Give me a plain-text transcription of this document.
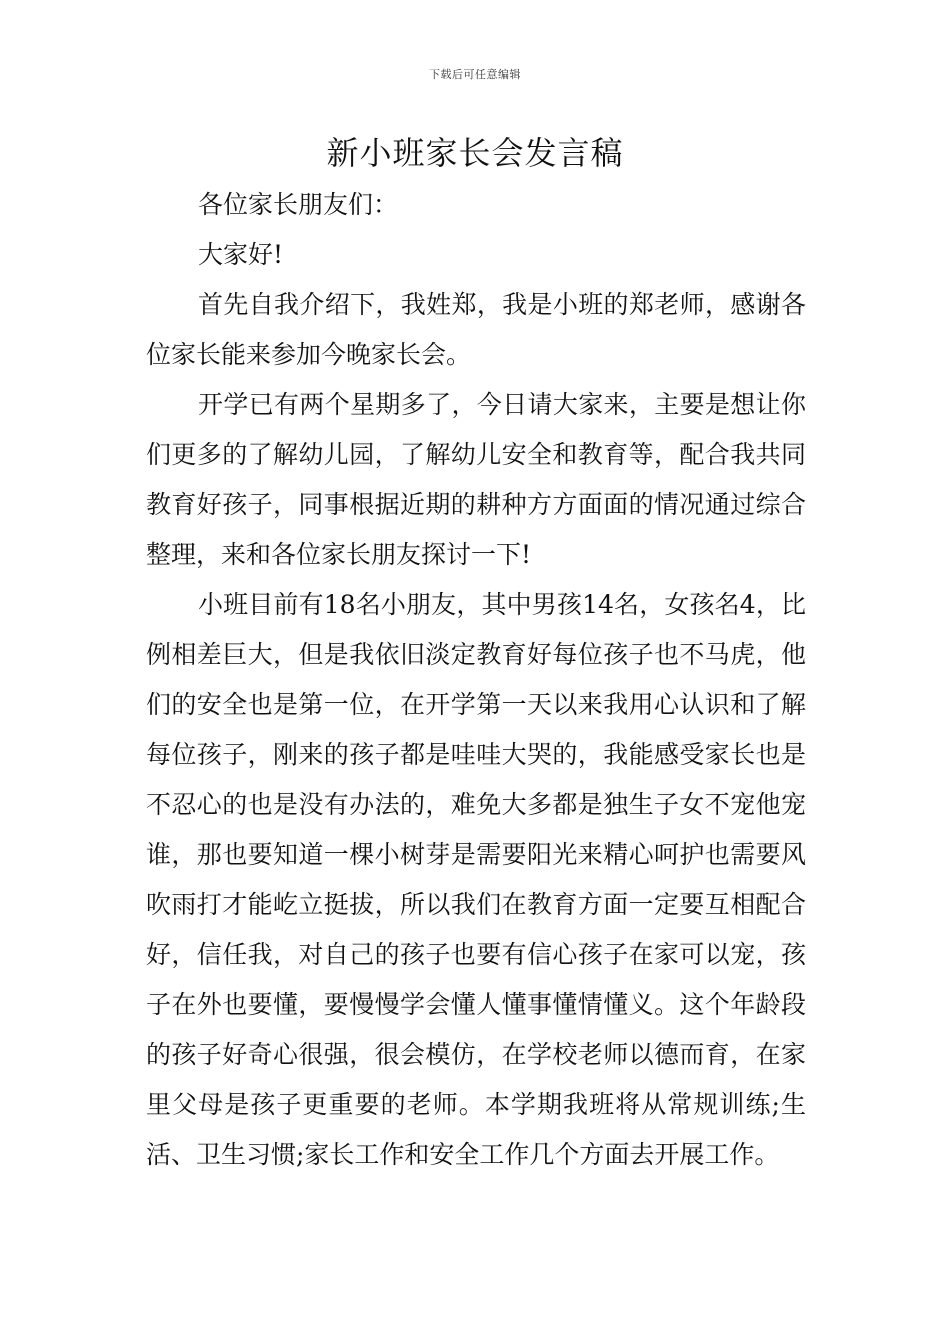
下载后可任意编辑
新小班家长会发言稿

各位家长朋友们：

大家好!

首先自我介绍下，我姓郑，我是小班的郑老师，感谢各位家长能来参加今晚家长会。

开学已有两个星期多了，今日请大家来，主要是想让你们更多的了解幼儿园，了解幼儿安全和教育等，配合我共同教育好孩子，同事根据近期的耕种方方面面的情况通过综合整理，来和各位家长朋友探讨一下!

小班目前有18名小朋友，其中男孩14名，女孩名4，比例相差巨大，但是我依旧淡定教育好每位孩子也不马虎，他们的安全也是第一位，在开学第一天以来我用心认识和了解每位孩子，刚来的孩子都是哇哇大哭的，我能感受家长也是不忍心的也是没有办法的，难免大多都是独生子女不宠他宠谁，那也要知道一棵小树芽是需要阳光来精心呵护也需要风吹雨打才能屹立挺拔，所以我们在教育方面一定要互相配合好，信任我，对自己的孩子也要有信心孩子在家可以宠，孩子在外也要懂，要慢慢学会懂人懂事懂情懂义。这个年龄段的孩子好奇心很强，很会模仿，在学校老师以德而育，在家里父母是孩子更重要的老师。本学期我班将从常规训练;生活、卫生习惯;家长工作和安全工作几个方面去开展工作。
